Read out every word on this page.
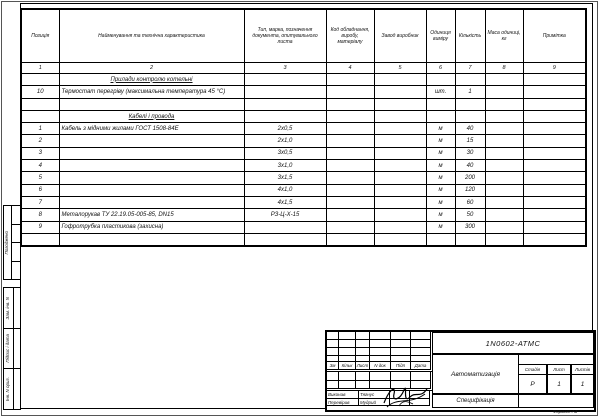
Погоджено
Зам. інв. N
Підпис і дата
Інв. N ориг.
Позиція	Найменування та технічна характеристика	Тип, марка, позначення документа, опитувального листа	Код обладнання, виробу, матеріалу	Завод виробник	Одиниця виміру	Кількість	Маса одиниці, кг	Примітка
1	2	3	4	5	6	7	8	9
	Прилади контролю котельні							
10	Термостат перегріву (максимальна температура 45 °С)				шт.	1		

	Кабелі і провода							
1	Кабель з мідними жилами ГОСТ 1508-84Е	2х0,5			м	40		
2		2х1,0			м	15		
3		3х0,5			м	30		
4		3х1,0			м	40		
5		3х1,5			м	200		
6		4х1,0			м	120		
7		4х1,5			м	60		
8	Металорукав ТУ 22.19.05-005-85, DN15	РЗ-Ц-Х-15			м	50		
9	Гофротрубка пластикова (захисна)				м	300		

Зм	Кільк Лист	N док	Підп	Дата
Виконав	Тягнус
Перевірив	Мудрий
1N0602-АТМС
Автоматизація
Стадія	Лист	Листів
Р	1	1
Специфікація
Формат А3
